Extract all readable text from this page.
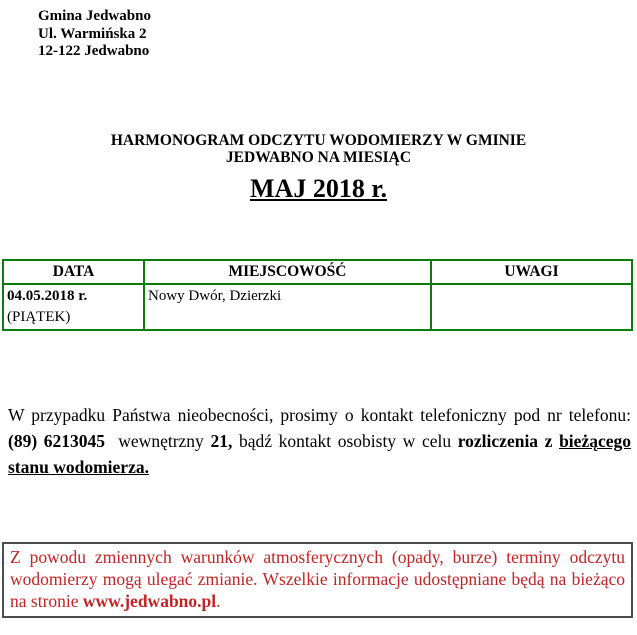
Gmina Jedwabno
Ul. Warmińska 2
12-122 Jedwabno
HARMONOGRAM ODCZYTU WODOMIERZY W GMINIE
JEDWABNO NA MIESIĄC
MAJ 2018 r.
DATA	MIEJSCOWOŚĆ	UWAGI

04.05.2018 r.
(PIĄTEK)	Nowy Dwór, Dzierzki	

W przypadku Państwa nieobecności, prosimy o kontakt telefoniczny pod nr telefonu: (89) 6213045  wewnętrzny 21, bądź kontakt osobisty w celu rozliczenia z bieżącego stanu wodomierza.

Z powodu zmiennych warunków atmosferycznych (opady, burze) terminy odczytu wodomierzy mogą ulegać zmianie. Wszelkie informacje udostępniane będą na bieżąco na stronie www.jedwabno.pl.
